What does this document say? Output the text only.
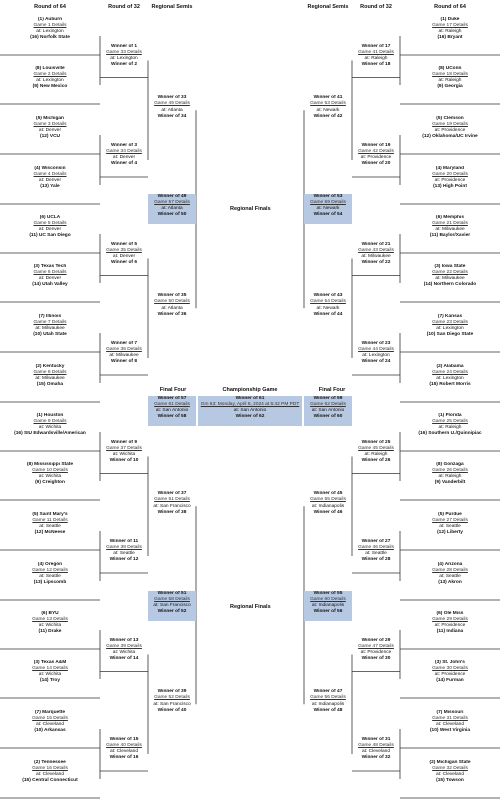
Round of 64	Round of 32	Regional Semis	Regional Semis	Round of 32	Round of 64
Regional Finals
Regional Finals
Final Four	Final Four
Championship Game
(1) Auburn
Game 1 Details
at: Lexington
(16) Norfolk State
(8) Louisville
Game 2 Details
at: Lexington
(9) New Mexico
(5) Michigan
Game 3 Details
at: Denver
(12) VCU
(4) Wisconsin
Game 4 Details
at: Denver
(13) Yale
(6) UCLA
Game 5 Details
at: Denver
(11) UC San Diego
(3) Texas Tech
Game 6 Details
at: Denver
(14) Utah Valley
(7) Illinois
Game 7 Details
at: Milwaukee
(10) Utah State
(2) Kentucky
Game 8 Details
at: Milwaukee
(15) Omaha
(1) Houston
Game 9 Details
at: Wichita
(16) SIU Edwardsville/American
(8) Mississippi State
Game 10 Details
at: Wichita
(9) Creighton
(5) Saint Mary's
Game 11 Details
at: Seattle
(12) McNeese
(4) Oregon
Game 12 Details
at: Seattle
(13) Lipscomb
(6) BYU
Game 13 Details
at: Wichita
(11) Drake
(3) Texas A&M
Game 14 Details
at: Wichita
(14) Troy
(7) Marquette
Game 15 Details
at: Cleveland
(10) Arkansas
(2) Tennessee
Game 16 Details
at: Cleveland
(15) Central Connecticut
(1) Duke
Game 17 Details
at: Raleigh
(16) Bryant
(8) UConn
Game 18 Details
at: Raleigh
(9) Georgia
(5) Clemson
Game 19 Details
at: Providence
(12) Oklahoma/UC Irvine
(4) Maryland
Game 20 Details
at: Providence
(13) High Point
(6) Memphis
Game 21 Details
at: Milwaukee
(11) Baylor/Xavier
(3) Iowa State
Game 22 Details
at: Milwaukee
(14) Northern Colorado
(7) Kansas
Game 23 Details
at: Lexington
(10) San Diego State
(2) Alabama
Game 24 Details
at: Lexington
(15) Robert Morris
(1) Florida
Game 25 Details
at: Raleigh
(16) Southern U./Quinnipiac
(8) Gonzaga
Game 26 Details
at: Raleigh
(9) Vanderbilt
(5) Purdue
Game 27 Details
at: Seattle
(12) Liberty
(4) Arizona
Game 28 Details
at: Seattle
(13) Akron
(6) Ole Miss
Game 29 Details
at: Providence
(11) Indiana
(3) St. John's
Game 30 Details
at: Providence
(14) Furman
(7) Missouri
Game 31 Details
at: Cleveland
(10) West Virginia
(2) Michigan State
Game 32 Details
at: Cleveland
(15) Towson
Winner of 1
Game 33 Details
at: Lexington
Winner of 2
Winner of 17
Game 41 Details
at: Raleigh
Winner of 18
Winner of 3
Game 34 Details
at: Denver
Winner of 4
Winner of 19
Game 42 Details
at: Providence
Winner of 20
Winner of 5
Game 35 Details
at: Denver
Winner of 6
Winner of 21
Game 43 Details
at: Milwaukee
Winner of 22
Winner of 7
Game 36 Details
at: Milwaukee
Winner of 8
Winner of 23
Game 44 Details
at: Lexington
Winner of 24
Winner of 9
Game 37 Details
at: Wichita
Winner of 10
Winner of 25
Game 45 Details
at: Raleigh
Winner of 26
Winner of 11
Game 38 Details
at: Seattle
Winner of 12
Winner of 27
Game 46 Details
at: Seattle
Winner of 28
Winner of 13
Game 39 Details
at: Wichita
Winner of 14
Winner of 29
Game 47 Details
at: Providence
Winner of 30
Winner of 15
Game 40 Details
at: Cleveland
Winner of 16
Winner of 31
Game 48 Details
at: Cleveland
Winner of 32
Winner of 33
Game 49 Details
at: Atlanta
Winner of 34
Winner of 41
Game 53 Details
at: Newark
Winner of 42
Winner of 35
Game 50 Details
at: Atlanta
Winner of 36
Winner of 43
Game 54 Details
at: Newark
Winner of 44
Winner of 37
Game 51 Details
at: San Francisco
Winner of 38
Winner of 45
Game 55 Details
at: Indianapolis
Winner of 46
Winner of 39
Game 52 Details
at: San Francisco
Winner of 40
Winner of 47
Game 56 Details
at: Indianapolis
Winner of 48
Winner of 49
Game 57 Details
at: Atlanta
Winner of 50
Winner of 51
Game 58 Details
at: San Francisco
Winner of 52
Winner of 53
Game 59 Details
at: Newark
Winner of 54
Winner of 55
Game 60 Details
at: Indianapolis
Winner of 56
Winner of 57
Game 61 Details
at: San Antonio
Winner of 58
Winner of 59
Game 62 Details
at: San Antonio
Winner of 60
Winner of 61
Gm 63: Monday, April 8, 2024 at 5:42 PM PDT
at: San Antonio
Winner of 62
